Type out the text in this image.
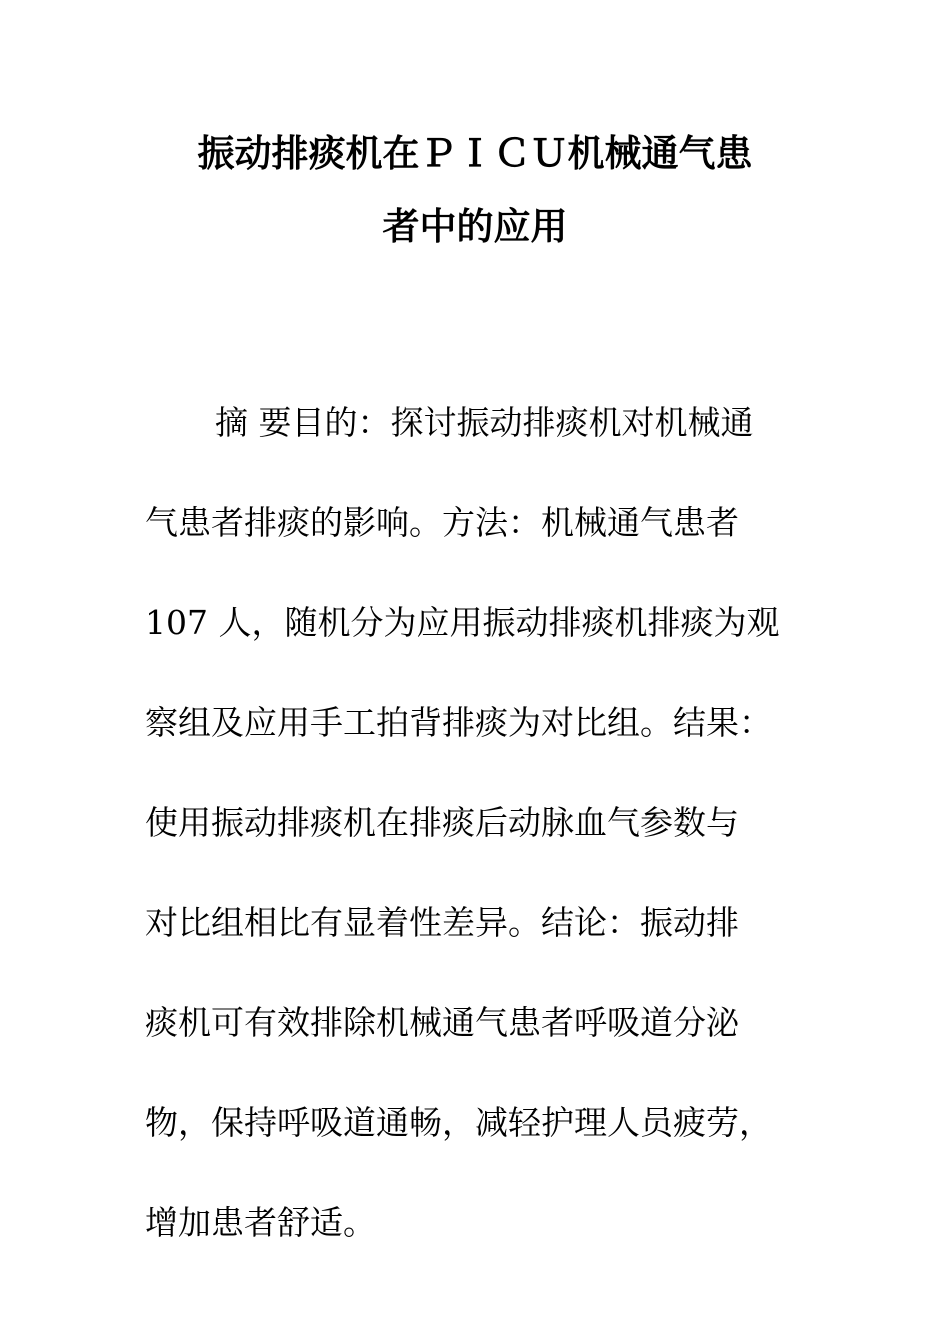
振动排痰机在ＰＩＣＵ机械通气患
者中的应用
摘 要目的：探讨振动排痰机对机械通
气患者排痰的影响。方法：机械通气患者
107 人，随机分为应用振动排痰机排痰为观
察组及应用手工拍背排痰为对比组。结果：
使用振动排痰机在排痰后动脉血气参数与
对比组相比有显着性差异。结论：振动排
痰机可有效排除机械通气患者呼吸道分泌
物，保持呼吸道通畅，减轻护理人员疲劳，
增加患者舒适。
